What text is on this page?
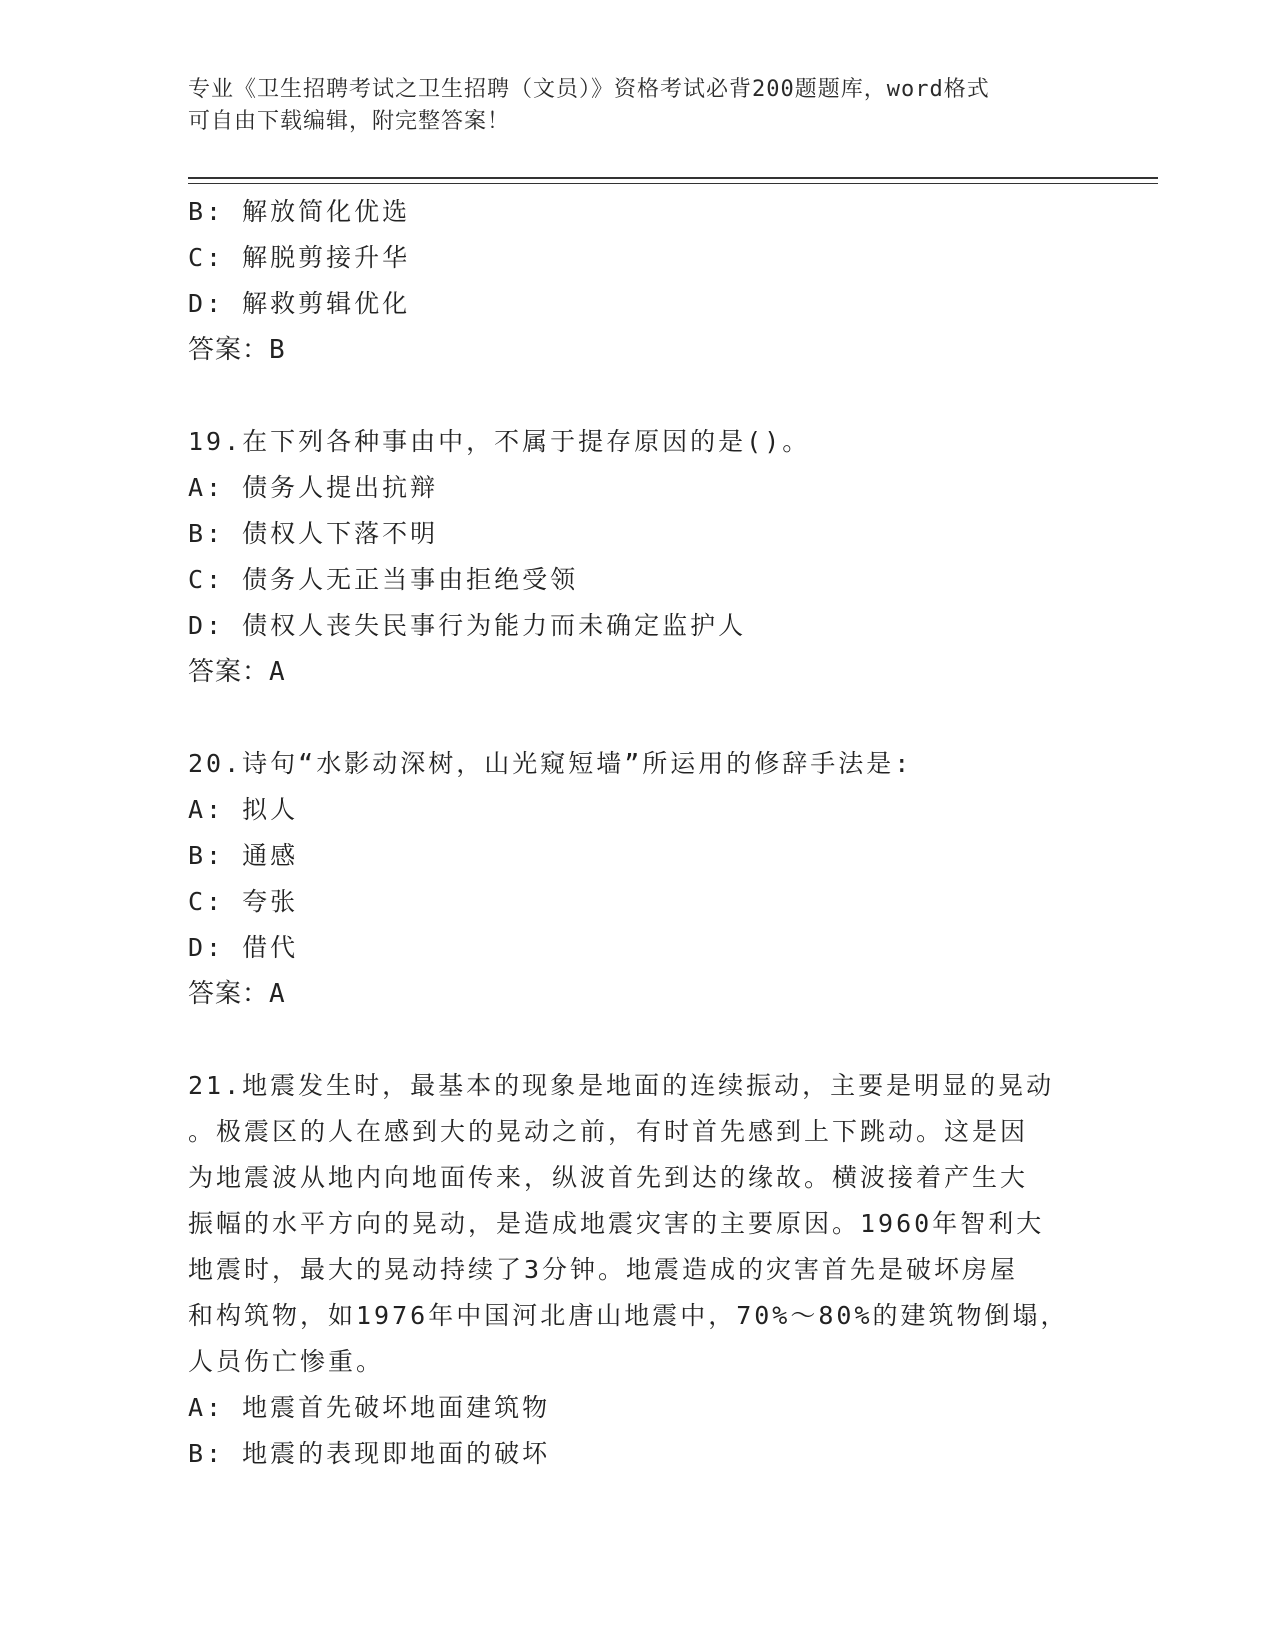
专业《卫生招聘考试之卫生招聘（文员）》资格考试必背200题题库，word格式
可自由下载编辑，附完整答案！
B: 解放简化优选
C: 解脱剪接升华
D: 解救剪辑优化
答案：B
19.在下列各种事由中，不属于提存原因的是()。
A: 债务人提出抗辩
B: 债权人下落不明
C: 债务人无正当事由拒绝受领
D: 债权人丧失民事行为能力而未确定监护人
答案：A
20.诗句“水影动深树，山光窥短墙”所运用的修辞手法是:
A: 拟人
B: 通感
C: 夸张
D: 借代
答案：A
21.地震发生时，最基本的现象是地面的连续振动，主要是明显的晃动
。极震区的人在感到大的晃动之前，有时首先感到上下跳动。这是因
为地震波从地内向地面传来，纵波首先到达的缘故。横波接着产生大
振幅的水平方向的晃动，是造成地震灾害的主要原因。1960年智利大
地震时，最大的晃动持续了3分钟。地震造成的灾害首先是破坏房屋
和构筑物，如1976年中国河北唐山地震中，70%～80%的建筑物倒塌，
人员伤亡惨重。
A: 地震首先破坏地面建筑物
B: 地震的表现即地面的破坏
